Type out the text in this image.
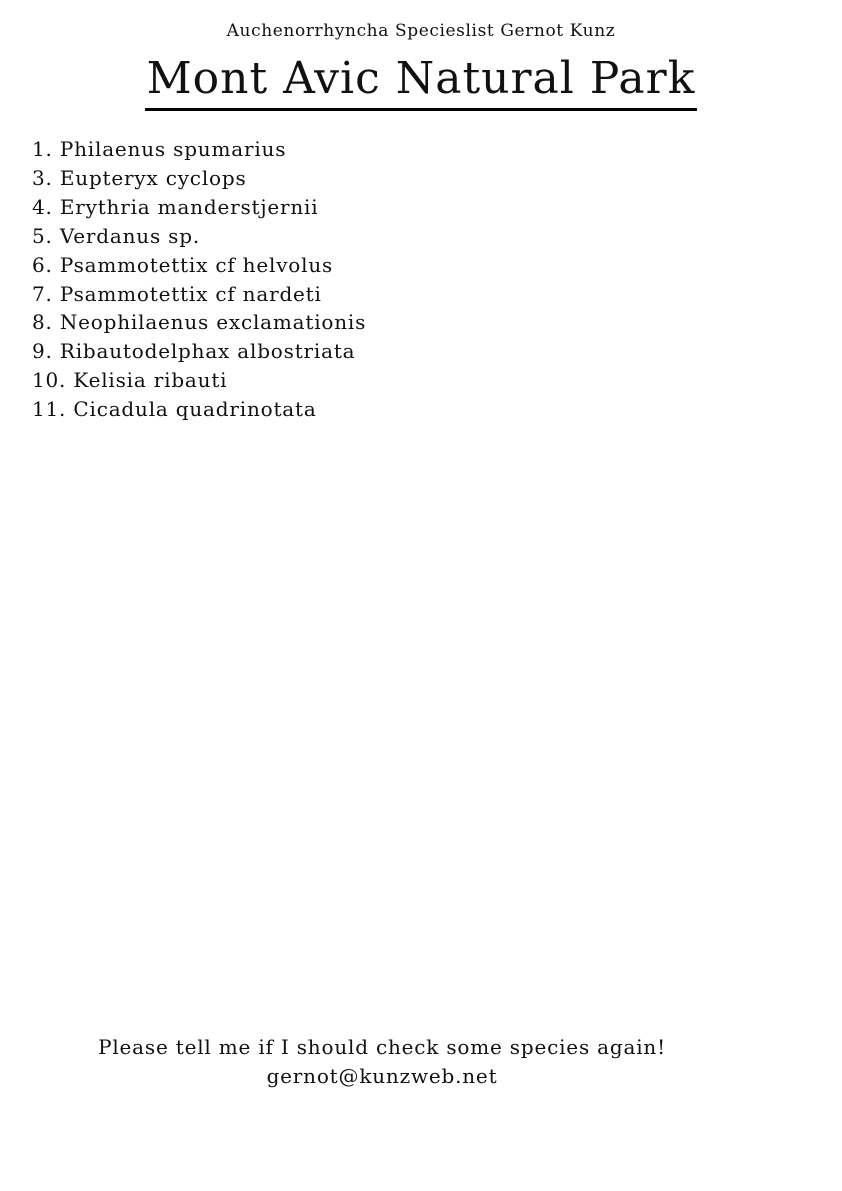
Auchenorrhyncha Specieslist Gernot Kunz
Mont Avic Natural Park
1. Philaenus spumarius
3. Eupteryx cyclops
4. Erythria manderstjernii
5. Verdanus sp.
6. Psammotettix cf helvolus
7. Psammotettix cf nardeti
8. Neophilaenus exclamationis
9. Ribautodelphax albostriata
10. Kelisia ribauti
11. Cicadula quadrinotata
Please tell me if I should check some species again!
gernot@kunzweb.net
